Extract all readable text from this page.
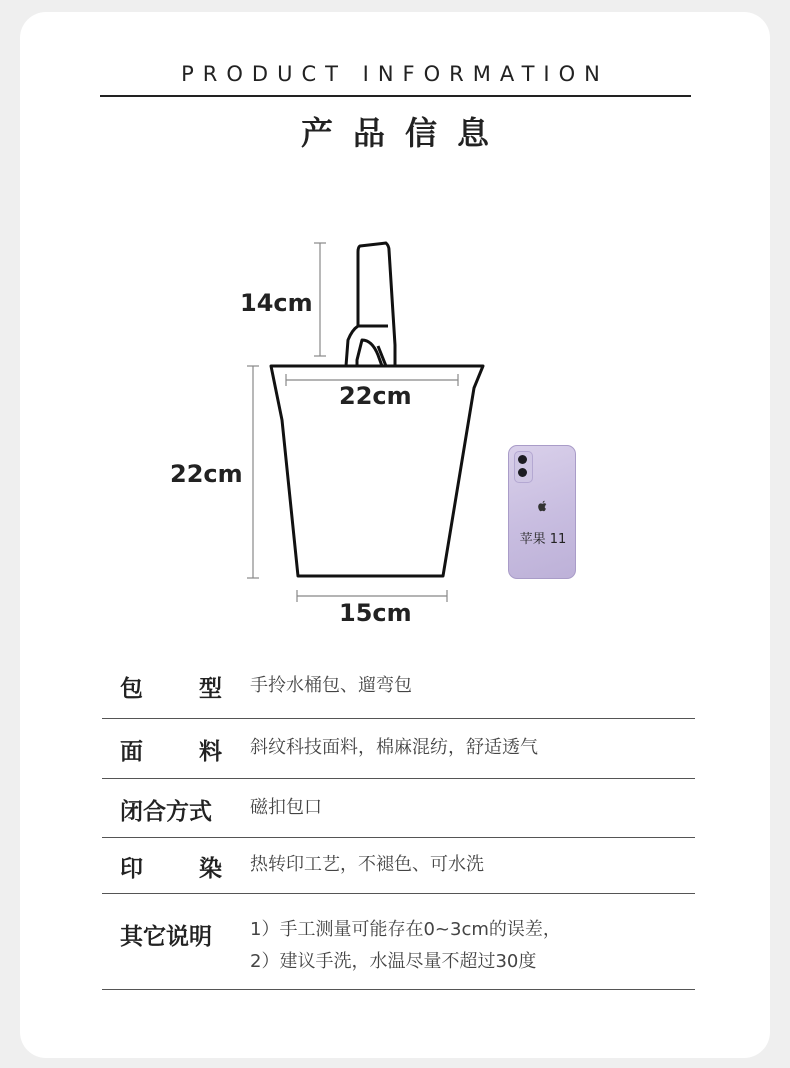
PRODUCT INFORMATION
产品信息
14cm
22cm
22cm
15cm
苹果 11
包 型 手拎水桶包、遛弯包
面 料 斜纹科技面料，棉麻混纺，舒适透气
闭合方式 磁扣包口
印 染 热转印工艺，不褪色、可水洗
其它说明 1）手工测量可能存在0~3cm的误差，
2）建议手洗，水温尽量不超过30度
